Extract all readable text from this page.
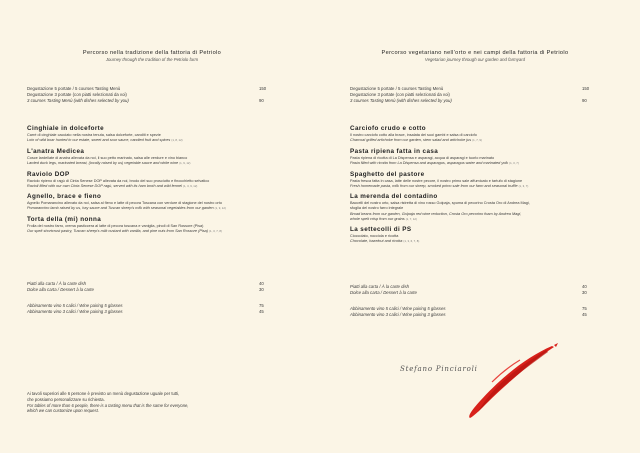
Percorso nella tradizione della fattoria di Petriolo
Journey through the tradition of the Petriolo farm
Degustazione 5 portate / 5 courses Tasting Menù	150
Degustazione 3 portate (con piatti selezionati da voi)
3 courses Tasting Menù (with dishes selected by you)	90
Cinghiale in dolceforte
Carrè di cinghiale cacciato nella nostra tenuta, salsa dolceforte, canditi e spezie
Loin of wild boar hunted in our estate, sweet and sour sauce, candied fruit and spices (1, 8, 12)
L'anatra Medicea
Cosce lardellate di anatra allevata da noi, il suo petto marinato, salsa alle verdure e vino bianco
Larded duck legs, marinated breast, (locally raised by us) vegetable sauce and white wine (1, 9, 12)
Raviolo DOP
Raviolo ripieno di ragù di Cinta Senese DOP allevata da noi, brodo del suo prosciutto e finocchietto selvatico
Ravioli filled with our own Cinta Senese DOP ragù, served with its ham broth and wild fennel (1, 3, 9, 12)
Agnello, brace e fieno
Agnello Pomarancino allevato da noi, salsa al fieno e latte di pecora Toscana con verdure di stagione del nostro orto
Pomarancino lamb raised by us, hay sauce and Tuscan sheep's milk with seasonal vegetables from our garden (1, 9, 12)
Torta della (mi) nonna
Frolla del nostro farro, crema pasticcera al latte di pecora toscana e vaniglia, pinoli di San Rossore (Pisa)
Our spelt shortcrust pastry, Tuscan sheep's milk custard with vanilla, and pine nuts from San Rossore (Pisa) (1, 3, 7, 8)
Piatti alla carta / À la carte dish	40
Dolce alla carta / Dessert à la carte	30
Abbinamento vino 5 calici / Wine pairing 5 glasses	75
Abbinamento vino 3 calici / Wine pairing 3 glasses	45
Percorso vegetariano nell'orto e nei campi della fattoria di Petriolo
Vegetarian journey through our garden and farmyard
Degustazione 5 portate / 5 courses Tasting Menù	150
Degustazione 3 portate (con piatti selezionati da voi)
3 courses Tasting Menù (with dishes selected by you)	90
Carciofo crudo e cotto
Il nostro carciofo cotto alla brace, insalata dei suoi gambi e salsa di carciofo
Charcoal grilled artichoke from our garden, stem salad and artichoke jus (1, 7, 9)
Pasta ripiena fatta in casa
Pasta ripiena di ricotta di La Dispensa e asparagi, acqua di asparagi e tuorlo marinato
Pasta filled with ricotta from La Dispensa and asparagus, asparagus water and marinated yolk (1, 3, 7)
Spaghetto del pastore
Pasta fresca fatta in casa, latte delle nostre pecore, il nostro primo sale affumicato e tartufo di stagione
Fresh homemade pasta, milk from our sheep, smoked primo sale from our farm and seasonal truffle (1, 3, 7)
La merenda del contadino
Baccelli del nostro orto, salsa ristretta di vino rosso Golpaja, spuma di pecorino Crosta Oro di Andrea Magi,
sfoglia del nostro farro integrale
Broad beans from our garden, Golpaja red wine reduction, Crosta Oro pecorino foam by Andrea Magi,
whole spelt crisp from our grains (1, 7, 12)
La settecolli di PS
Cioccolato, nocciola e ricotta
Chocolate, hazelnut and ricotta (1, 3, 6, 7, 8)
Piatti alla carta / À la carte dish	40
Dolce alla carta / Dessert à la carte	30
Abbinamento vino 5 calici / Wine pairing 5 glasses	75
Abbinamento vino 3 calici / Wine pairing 3 glasses	45
Ai tavoli superiori alle 6 persone è previsto un menù degustazione uguale per tutti,
che possiamo personalizzare su richiesta.
For tables of more than 6 people, there is a tasting menu that is the same for everyone,
which we can customize upon request.
Stefano Pinciaroli
